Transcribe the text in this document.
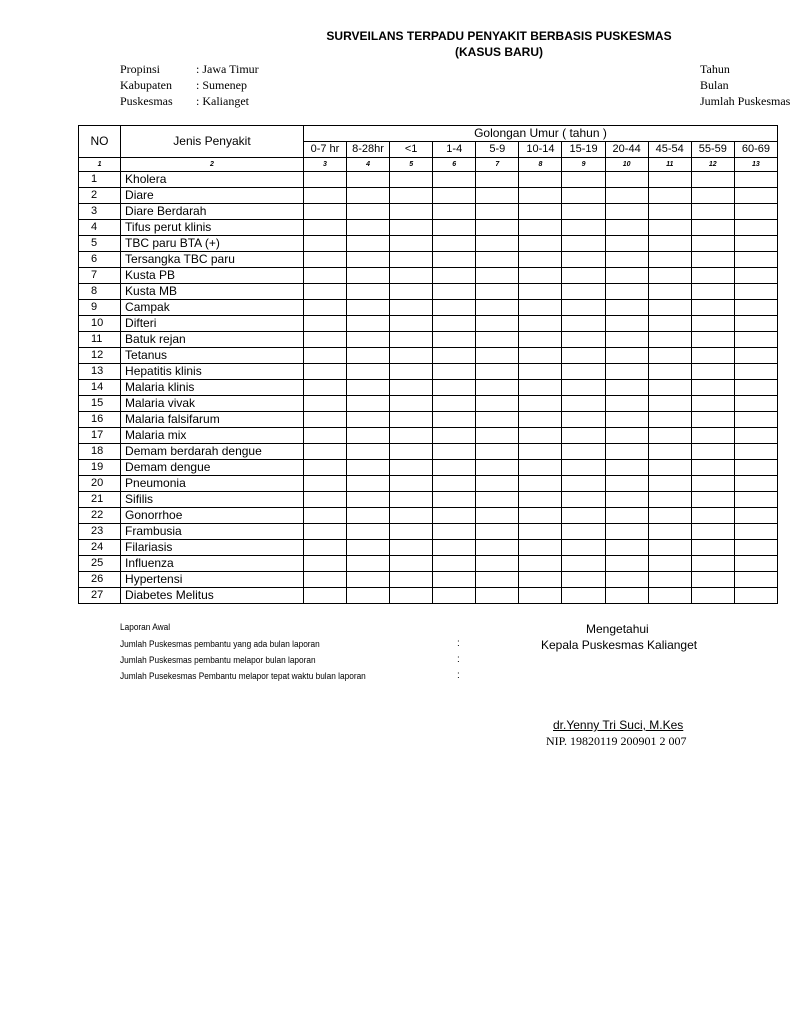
SURVEILANS TERPADU PENYAKIT BERBASIS PUSKESMAS
(KASUS BARU)
Propinsi	: Jawa Timur
Kabupaten : Sumenep
Puskesmas : Kalianget
Tahun
Bulan
Jumlah Puskesmas
NO	Jenis Penyakit	Golongan Umur ( tahun )										
		0-7 hr	8-28hr	<1	1-4	5-9	10-14	15-19	20-44	45-54	55-59	60-69
1	2	3	4	5	6	7	8	9	10	11	12	13
1	Kholera											
2	Diare											
3	Diare Berdarah											
4	Tifus perut klinis											
5	TBC paru BTA (+)											
6	Tersangka TBC paru											
7	Kusta PB											
8	Kusta MB											
9	Campak											
10	Difteri											
11	Batuk rejan											
12	Tetanus											
13	Hepatitis klinis											
14	Malaria klinis											
15	Malaria vivak											
16	Malaria falsifarum											
17	Malaria mix											
18	Demam berdarah dengue											
19	Demam dengue											
20	Pneumonia											
21	Sifilis											
22	Gonorrhoe											
23	Frambusia											
24	Filariasis											
25	Influenza											
26	Hypertensi											
27	Diabetes Melitus											
Laporan Awal
Jumlah Puskesmas pembantu yang ada bulan laporan
Jumlah Puskesmas pembantu melapor bulan laporan
Jumlah Pusekesmas Pembantu melapor tepat waktu bulan laporan
:
:
:
Mengetahui
Kepala Puskesmas Kalianget
dr.Yenny Tri Suci, M.Kes
NIP. 19820119 200901 2 007
